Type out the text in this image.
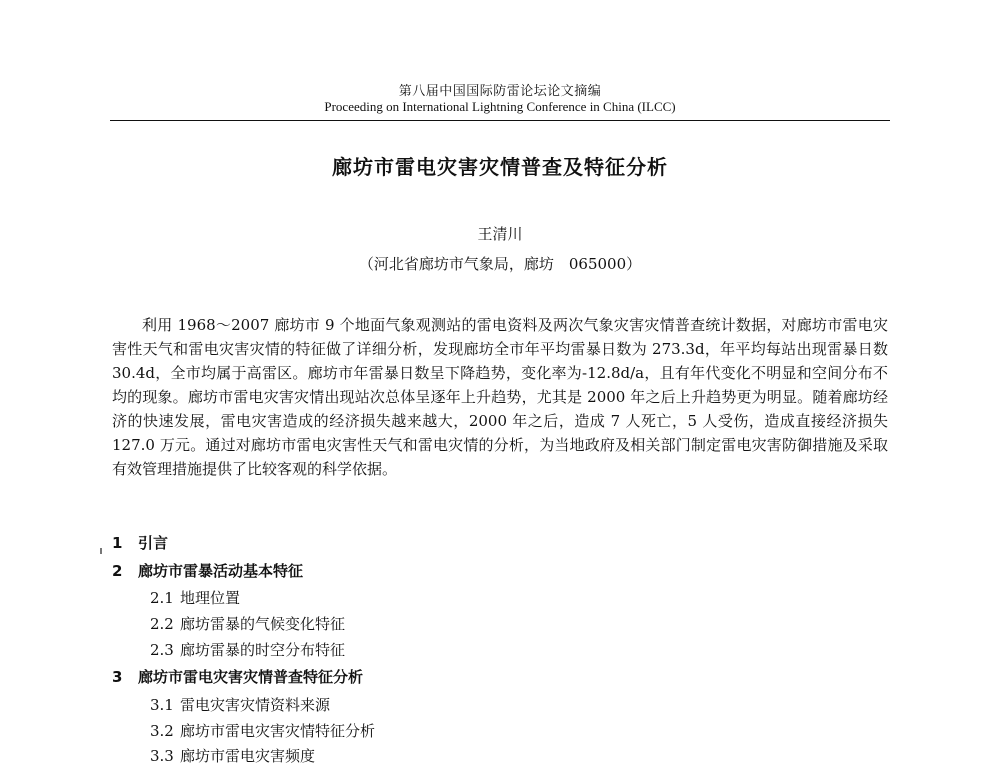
第八届中国国际防雷论坛论文摘编
Proceeding on International Lightning Conference in China (ILCC)
廊坊市雷电灾害灾情普查及特征分析
王清川
（河北省廊坊市气象局，廊坊　065000）

利用 1968～2007 廊坊市 9 个地面气象观测站的雷电资料及两次气象灾害灾情普查统计数据，对廊坊市雷电灾害性天气和雷电灾害灾情的特征做了详细分析，发现廊坊全市年平均雷暴日数为 273.3d，年平均每站出现雷暴日数 30.4d，全市均属于高雷区。廊坊市年雷暴日数呈下降趋势，变化率为-12.8d/a，且有年代变化不明显和空间分布不均的现象。廊坊市雷电灾害灾情出现站次总体呈逐年上升趋势，尤其是 2000 年之后上升趋势更为明显。随着廊坊经济的快速发展，雷电灾害造成的经济损失越来越大，2000 年之后，造成 7 人死亡，5 人受伤，造成直接经济损失 127.0 万元。通过对廊坊市雷电灾害性天气和雷电灾情的分析，为当地政府及相关部门制定雷电灾害防御措施及采取有效管理措施提供了比较客观的科学依据。

1 引言
2 廊坊市雷暴活动基本特征
2.1 地理位置
2.2 廊坊雷暴的气候变化特征
2.3 廊坊雷暴的时空分布特征
3 廊坊市雷电灾害灾情普查特征分析
3.1 雷电灾害灾情资料来源
3.2 廊坊市雷电灾害灾情特征分析
3.3 廊坊市雷电灾害频度
